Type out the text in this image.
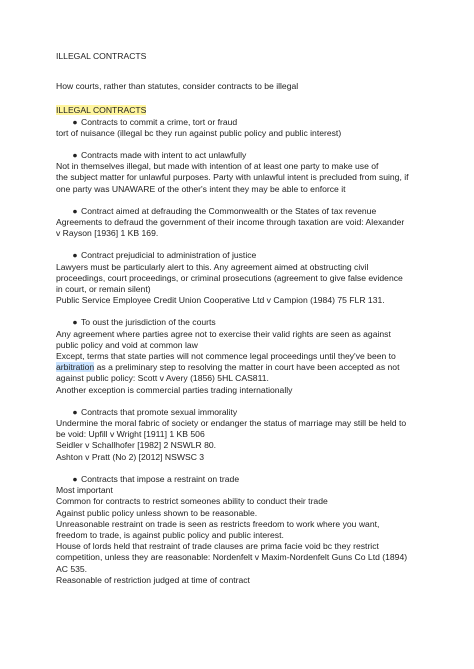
ILLEGAL CONTRACTS

How courts, rather than statutes, consider contracts to be illegal

ILLEGAL CONTRACTS

● Contracts to commit a crime, tort or fraud

tort of nuisance (illegal bc they run against public policy and public interest)

● Contracts made with intent to act unlawfully

Not in themselves illegal, but made with intention of at least one party to make use of

the subject matter for unlawful purposes. Party with unlawful intent is precluded from suing, if

one party was UNAWARE of the other's intent they may be able to enforce it

● Contract aimed at defrauding the Commonwealth or the States of tax revenue

Agreements to defraud the government of their income through taxation are void: Alexander

v Rayson [1936] 1 KB 169.

● Contract prejudicial to administration of justice

Lawyers must be particularly alert to this. Any agreement aimed at obstructing civil

proceedings, court proceedings, or criminal prosecutions (agreement to give false evidence

in court, or remain silent)

Public Service Employee Credit Union Cooperative Ltd v Campion (1984) 75 FLR 131.

● To oust the jurisdiction of the courts

Any agreement where parties agree not to exercise their valid rights are seen as against

public policy and void at common law

Except, terms that state parties will not commence legal proceedings until they've been to

arbitration as a preliminary step to resolving the matter in court have been accepted as not

against public policy: Scott v Avery (1856) 5HL CAS811.

Another exception is commercial parties trading internationally

● Contracts that promote sexual immorality

Undermine the moral fabric of society or endanger the status of marriage may still be held to

be void: Upfill v Wright [1911] 1 KB 506

Seidler v Schallhofer [1982] 2 NSWLR 80.

Ashton v Pratt (No 2) [2012] NSWSC 3

● Contracts that impose a restraint on trade

Most important

Common for contracts to restrict someones ability to conduct their trade

Against public policy unless shown to be reasonable.

Unreasonable restraint on trade is seen as restricts freedom to work where you want,

freedom to trade, is against public policy and public interest.

House of lords held that restraint of trade clauses are prima facie void bc they restrict

competition, unless they are reasonable: Nordenfelt v Maxim-Nordenfelt Guns Co Ltd (1894)

AC 535.

Reasonable of restriction judged at time of contract
